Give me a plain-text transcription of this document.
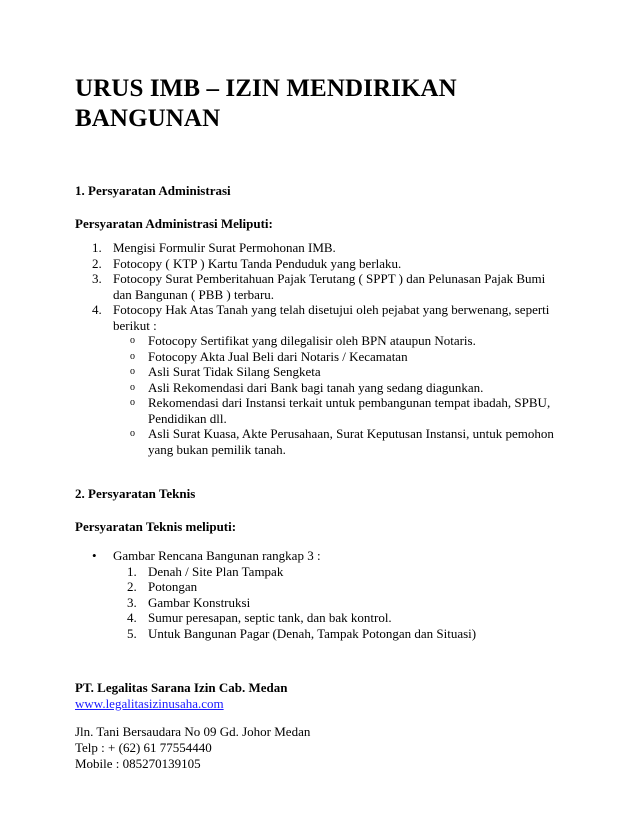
URUS IMB – IZIN MENDIRIKAN
BANGUNAN

1. Persyaratan Administrasi

Persyaratan Administrasi Meliputi:

1. Mengisi Formulir Surat Permohonan IMB.
2. Fotocopy ( KTP ) Kartu Tanda Penduduk yang berlaku.
3. Fotocopy Surat Pemberitahuan Pajak Terutang ( SPPT ) dan Pelunasan Pajak Bumi dan Bangunan ( PBB ) terbaru.
4. Fotocopy Hak Atas Tanah yang telah disetujui oleh pejabat yang berwenang, seperti berikut :
o Fotocopy Sertifikat yang dilegalisir oleh BPN ataupun Notaris.
o Fotocopy Akta Jual Beli dari Notaris / Kecamatan
o Asli Surat Tidak Silang Sengketa
o Asli Rekomendasi dari Bank bagi tanah yang sedang diagunkan.
o Rekomendasi dari Instansi terkait untuk pembangunan tempat ibadah, SPBU, Pendidikan dll.
o Asli Surat Kuasa, Akte Perusahaan, Surat Keputusan Instansi, untuk pemohon yang bukan pemilik tanah.

2. Persyaratan Teknis

Persyaratan Teknis meliputi:

• Gambar Rencana Bangunan rangkap 3 :
1. Denah / Site Plan Tampak
2. Potongan
3. Gambar Konstruksi
4. Sumur peresapan, septic tank, dan bak kontrol.
5. Untuk Bangunan Pagar (Denah, Tampak Potongan dan Situasi)

PT. Legalitas Sarana Izin Cab. Medan

www.legalitasizinusaha.com

Jln. Tani Bersaudara No 09 Gd. Johor Medan

Telp : + (62) 61 77554440

Mobile : 085270139105
